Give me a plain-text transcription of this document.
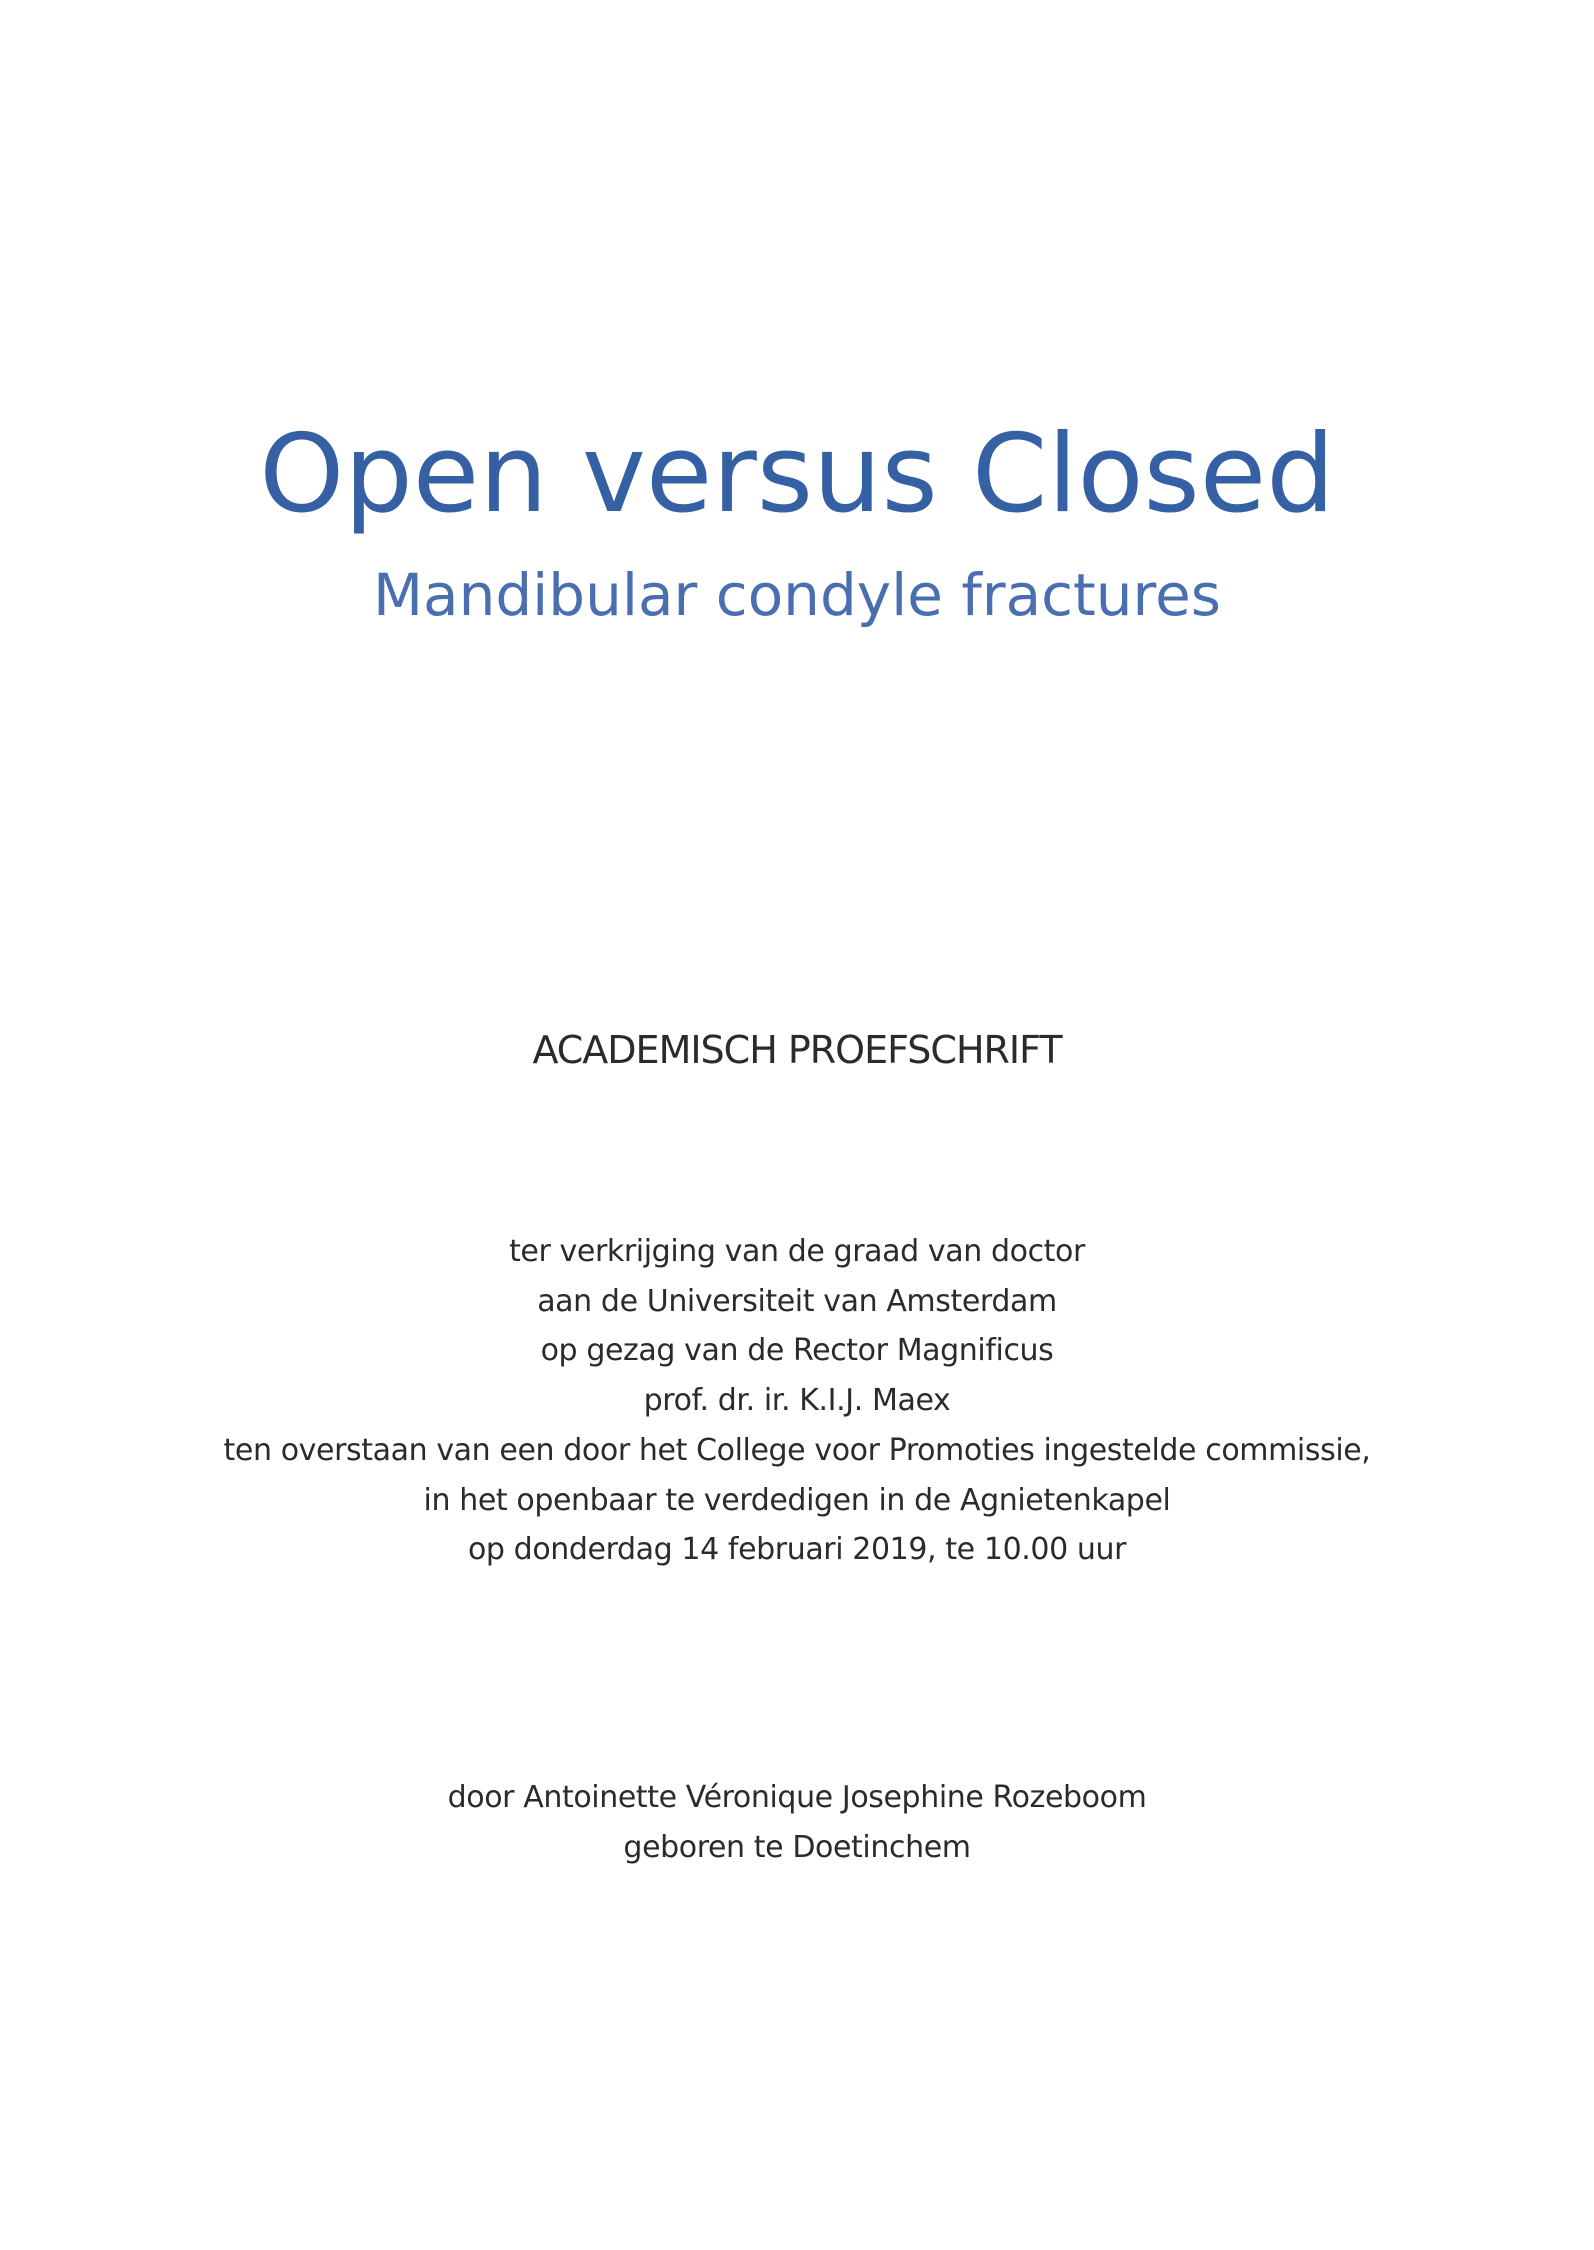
Open versus Closed
Mandibular condyle fractures
ACADEMISCH PROEFSCHRIFT
ter verkrijging van de graad van doctor
aan de Universiteit van Amsterdam
op gezag van de Rector Magnificus
prof. dr. ir. K.I.J. Maex
ten overstaan van een door het College voor Promoties ingestelde commissie,
in het openbaar te verdedigen in de Agnietenkapel
op donderdag 14 februari 2019, te 10.00 uur
door Antoinette Véronique Josephine Rozeboom
geboren te Doetinchem
